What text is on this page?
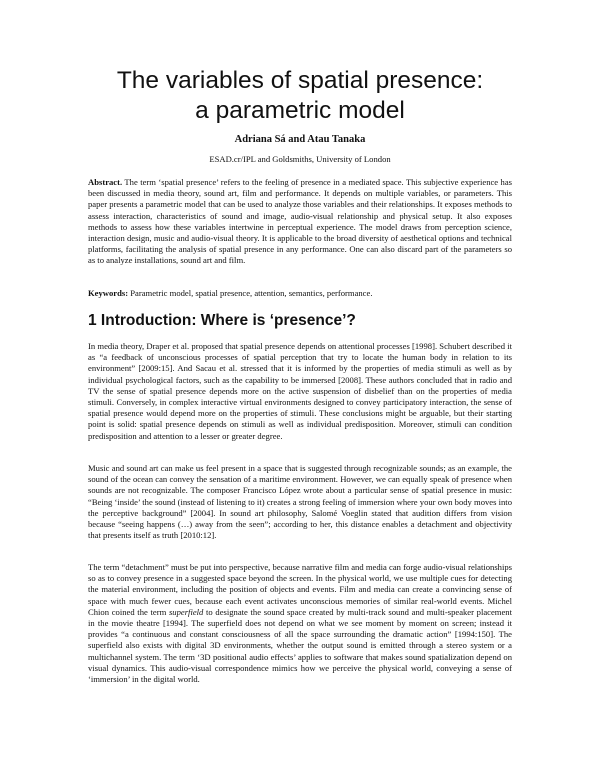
The variables of spatial presence:
a parametric model

Adriana Sá and Atau Tanaka

ESAD.cr/IPL and Goldsmiths, University of London

Abstract. The term ‘spatial presence’ refers to the feeling of presence in a mediated space. This subjective experience has been discussed in media theory, sound art, film and performance. It depends on multiple variables, or parameters. This paper presents a parametric model that can be used to analyze those variables and their relationships. It exposes methods to assess interaction, characteristics of sound and image, audio-visual relationship and physical setup. It also exposes methods to assess how these variables intertwine in perceptual experience. The model draws from perception science, interaction design, music and audio-visual theory. It is applicable to the broad diversity of aesthetical options and technical platforms, facilitating the analysis of spatial presence in any performance. One can also discard part of the parameters so as to analyze installations, sound art and film.

Keywords: Parametric model, spatial presence, attention, semantics, performance.

1 Introduction: Where is ‘presence’?

In media theory, Draper et al. proposed that spatial presence depends on attentional processes [1998]. Schubert described it as “a feedback of unconscious processes of spatial perception that try to locate the human body in relation to its environment” [2009:15]. And Sacau et al. stressed that it is informed by the properties of media stimuli as well as by individual psychological factors, such as the capability to be immersed [2008]. These authors concluded that in radio and TV the sense of spatial presence depends more on the active suspension of disbelief than on the properties of media stimuli. Conversely, in complex interactive virtual environments designed to convey participatory interaction, the sense of spatial presence would depend more on the properties of stimuli. These conclusions might be arguable, but their starting point is solid: spatial presence depends on stimuli as well as individual predisposition. Moreover, stimuli can condition predisposition and attention to a lesser or greater degree.

Music and sound art can make us feel present in a space that is suggested through recognizable sounds; as an example, the sound of the ocean can convey the sensation of a maritime environment. However, we can equally speak of presence when sounds are not recognizable. The composer Francisco López wrote about a particular sense of spatial presence in music: “Being ‘inside’ the sound (instead of listening to it) creates a strong feeling of immersion where your own body moves into the perceptive background” [2004]. In sound art philosophy, Salomé Voeglin stated that audition differs from vision because “seeing happens (…) away from the seen”; according to her, this distance enables a detachment and objectivity that presents itself as truth [2010:12].

The term “detachment” must be put into perspective, because narrative film and media can forge audio-visual relationships so as to convey presence in a suggested space beyond the screen. In the physical world, we use multiple cues for detecting the material environment, including the position of objects and events. Film and media can create a convincing sense of space with much fewer cues, because each event activates unconscious memories of similar real-world events. Michel Chion coined the term superfield to designate the sound space created by multi-track sound and multi-speaker placement in the movie theatre [1994]. The superfield does not depend on what we see moment by moment on screen; instead it provides “a continuous and constant consciousness of all the space surrounding the dramatic action” [1994:150]. The superfield also exists with digital 3D environments, whether the output sound is emitted through a stereo system or a multichannel system. The term ‘3D positional audio effects’ applies to software that makes sound spatialization depend on visual dynamics. This audio-visual correspondence mimics how we perceive the physical world, conveying a sense of ‘immersion’ in the digital world.
